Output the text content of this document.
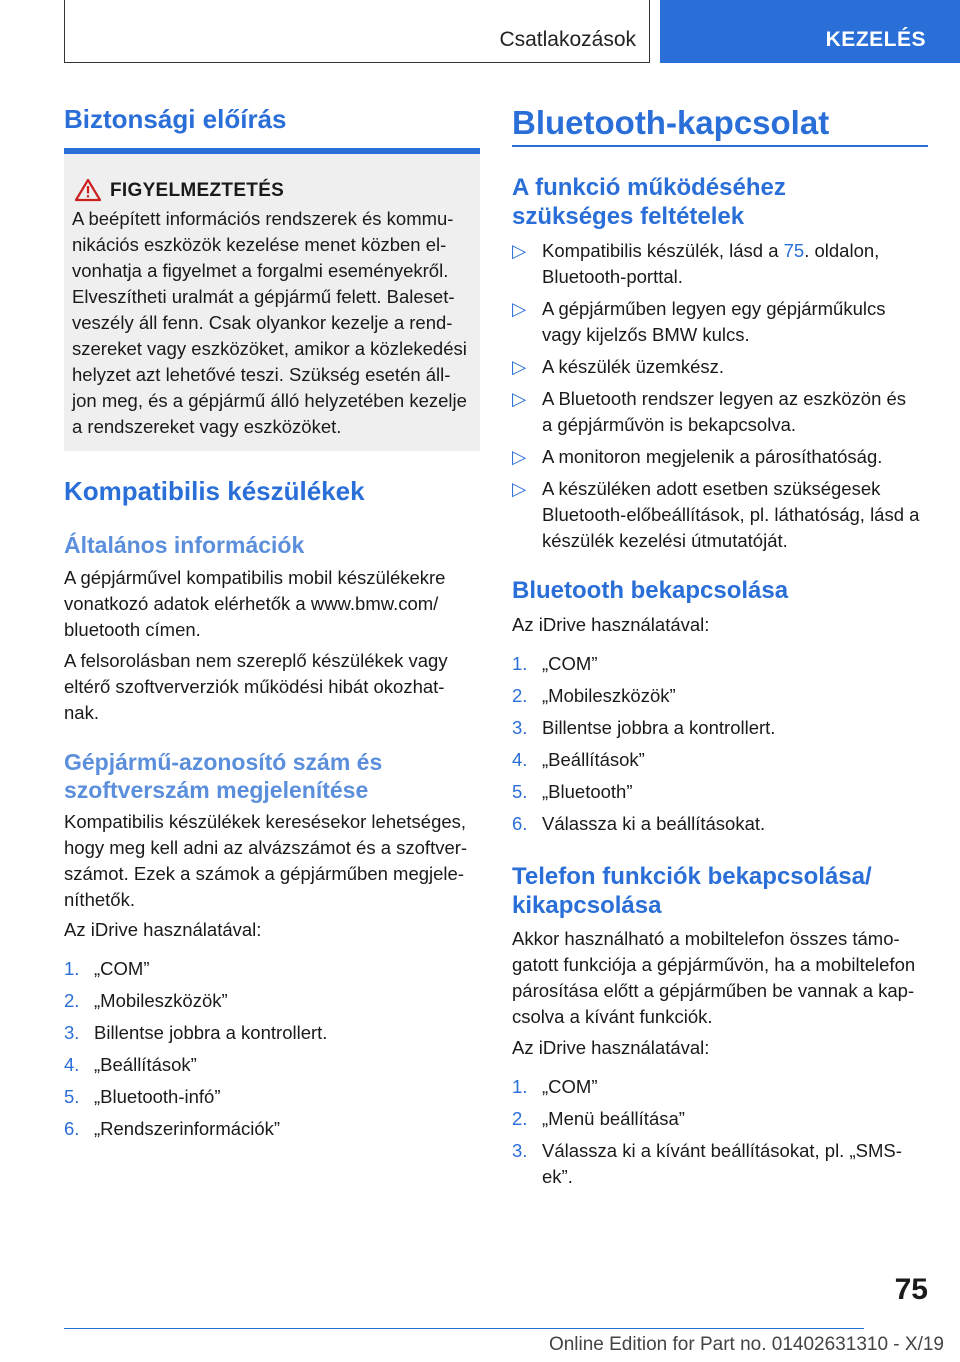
Csatlakozások	KEZELÉS
Biztonsági előírás
FIGYELMEZTETÉS
A beépített információs rendszerek és kommu-
nikációs eszközök kezelése menet közben el-
vonhatja a figyelmet a forgalmi eseményekről.
Elveszítheti uralmát a gépjármű felett. Baleset-
veszély áll fenn. Csak olyankor kezelje a rend-
szereket vagy eszközöket, amikor a közlekedési
helyzet azt lehetővé teszi. Szükség esetén áll-
jon meg, és a gépjármű álló helyzetében kezelje
a rendszereket vagy eszközöket.
Kompatibilis készülékek
Általános információk
A gépjárművel kompatibilis mobil készülékekre
vonatkozó adatok elérhetők a www.bmw.com/
bluetooth címen.
A felsorolásban nem szereplő készülékek vagy
eltérő szoftververziók működési hibát okozhat-
nak.
Gépjármű-azonosító szám és
szoftverszám megjelenítése
Kompatibilis készülékek keresésekor lehetséges,
hogy meg kell adni az alvázszámot és a szoftver-
számot. Ezek a számok a gépjárműben megjele-
níthetők.
Az iDrive használatával:
1. „COM”
2. „Mobileszközök”
3. Billentse jobbra a kontrollert.
4. „Beállítások”
5. „Bluetooth-infó”
6. „Rendszerinformációk”
Bluetooth-kapcsolat
A funkció működéséhez
szükséges feltételek
▷ Kompatibilis készülék, lásd a 75. oldalon,
Bluetooth-porttal.
▷ A gépjárműben legyen egy gépjárműkulcs
vagy kijelzős BMW kulcs.
▷ A készülék üzemkész.
▷ A Bluetooth rendszer legyen az eszközön és
a gépjárművön is bekapcsolva.
▷ A monitoron megjelenik a párosíthatóság.
▷ A készüléken adott esetben szükségesek
Bluetooth-előbeállítások, pl. láthatóság, lásd a
készülék kezelési útmutatóját.
Bluetooth bekapcsolása
Az iDrive használatával:
1. „COM”
2. „Mobileszközök”
3. Billentse jobbra a kontrollert.
4. „Beállítások”
5. „Bluetooth”
6. Válassza ki a beállításokat.
Telefon funkciók bekapcsolása/
kikapcsolása
Akkor használható a mobiltelefon összes támo-
gatott funkciója a gépjárművön, ha a mobiltelefon
párosítása előtt a gépjárműben be vannak a kap-
csolva a kívánt funkciók.
Az iDrive használatával:
1. „COM”
2. „Menü beállítása”
3. Válassza ki a kívánt beállításokat, pl. „SMS-
ek”.
75
Online Edition for Part no. 01402631310 - X/19
